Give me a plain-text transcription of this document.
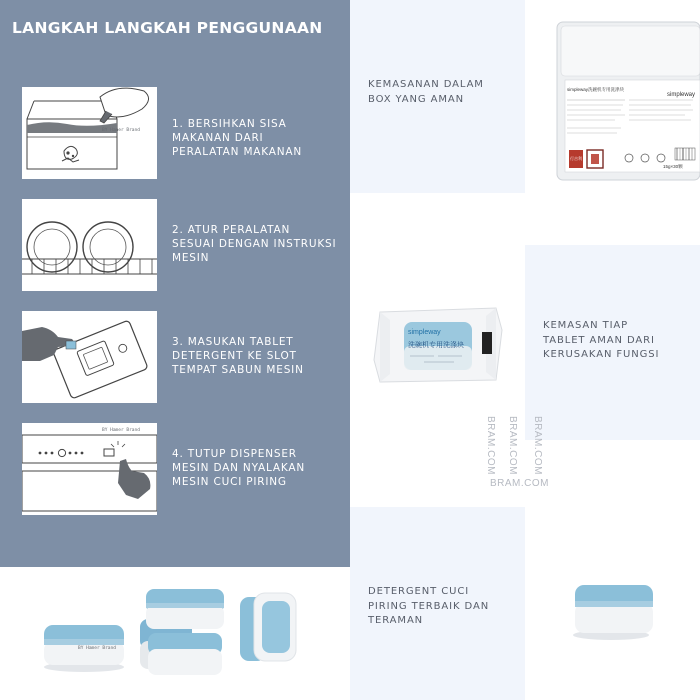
LANGKAH LANGKAH PENGGUNAAN
BY Hamer Brand
1. BERSIHKAN SISA
MAKANAN DARI
PERALATAN MAKANAN
2. ATUR PERALATAN
SESUAI DENGAN INSTRUKSI
MESIN
3. MASUKAN TABLET
DETERGENT KE SLOT
TEMPAT SABUN MESIN
BY Hamer Brand
4. TUTUP DISPENSER
MESIN DAN NYALAKAN
MESIN CUCI PIRING
BY Hamer Brand
KEMASANAN DALAM
BOX YANG AMAN
KEMASAN TIAP
TABLET AMAN DARI
KERUSAKAN FUNGSI
DETERGENT CUCI
PIRING TERBAIK DAN
TERAMAN
simpleway洗碗机专用洗涤块
simpleway
行吉利
15g×30颗
simpleway
洗碗机专用洗涤块
BRAM.COM BRAM.COM BRAM.COM
BRAM.COM
